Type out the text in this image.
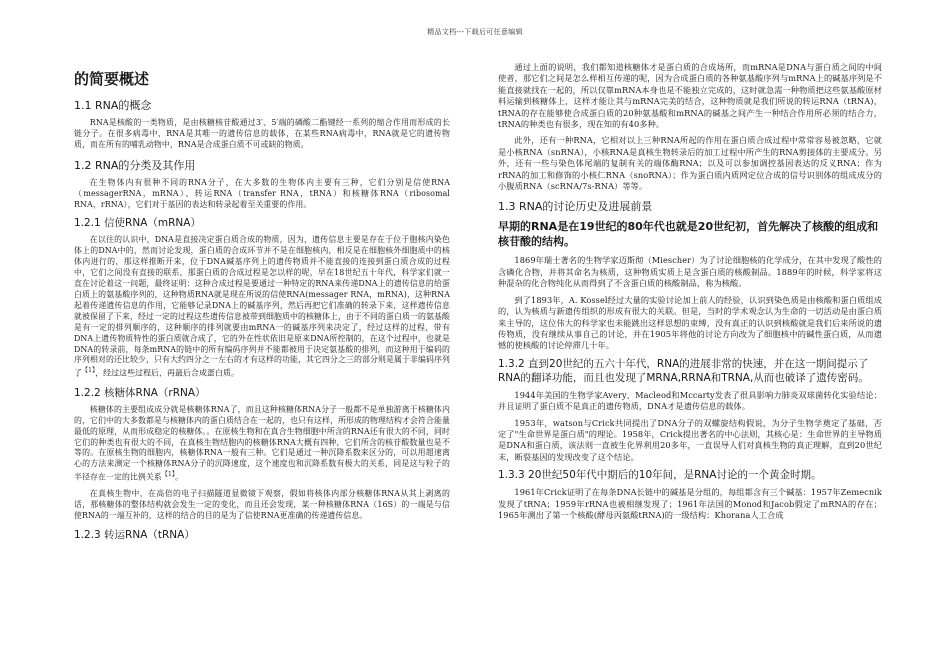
精品文档---下载后可任意编辑
的简要概述
1.1 RNA的概念

RNA是核酸的一类物质，是由核糖核苷酸通过3′、5′端的磷酸二酯键经一系列的缩合作用而形成的长链分子。在很多病毒中，RNA是其唯一的遗传信息的载体，在某些RNA病毒中，RNA就是它的遗传物质，而在所有的哺乳动物中，RNA是合成蛋白质不可或缺的物质。

1.2 RNA的分类及其作用

在生物体内有很种不同的RNA分子，在大多数的生物体内主要有三种，它们分别是信使RNA（messagerRNA，mRNA）、转运RNA（transfer RNA，tRNA）和核糖体RNA（ribosomal RNA，rRNA），它们对于基因的表达和转录起着至关重要的作用。

1.2.1 信使RNA（mRNA）

在以往的认识中，DNA是直接决定蛋白质合成的物质，因为，遗传信息主要是存在于位于胞核内染色体上的DNA中的，然而讨论发现，蛋白质的合成环节并不是在细胞核内，相反是在细胞核外细胞质中的核体内进行的，那这样推断开来，位于DNA碱基序列上的遗传物质并不能直接的连接到蛋白质合成的过程中，它们之间没有直接的联系，那蛋白质的合成过程是怎以样的呢，早在18世纪五十年代，科学家们就一直在讨论着这一问题，最终证明：这种合成过程是要通过一种特定的RNA来传递DNA上的遗传信息的给蛋白质上的氨基酸序列的，这种物质RNA就是现在所说的信使RNA(messager RNA，mRNA)，这种RNA起着传递遗传信息的作用，它能够记录DNA上的碱基序列，然后再把它们准确的转录下来，这样遗传信息就被保留了下来，经过一定的过程这些遗传信息被带到细胞质中的核糖体上，由于不同的蛋白质一的氨基酸是有一定的排列顺序的，这种顺序的排列就要由mRNA一的碱基序列来决定了，经过这样的过程，带有DNA上遗传物质特性的蛋白质就合成了，它的外在性状依旧是原来DNA所控制的，在这个过程中，也就是DNA的转录前，每条mRNA的链中的所有编码序列并不能都被用于决定氨基酸的排列，而这种用于编码的序列相对的还比较少，只有大约四分之一左右的才有这样的功能，其它四分之三的部分则是属于非编码序列了$^{【1】}$，经过这些过程后，再最后合成蛋白质。

1.2.2 核糖体RNA（rRNA）

核糖体的主要组成成分就是核糖体RNA了，而且这种核糖体RNA分子一般都不是单独游离于核糖体内的，它们中的大多数都是与核糖体内的蛋白质结合在一起的，也只有这样，所形成的物理结构才会符合能量最低的原理，从而形成稳定的核糖体。。在原核生物和在真合生物细胞中所含的RNA还有很大的不同，同时它们的种类也有很大的不同，在真核生物结胞内的核糖体RNA大概有四种，它们所含的核苷酸数量也是不等的。在原核生物的细胞内，核糖体RNA一般有三种。它们是通过一种沉降系数来区分的，可以用超速离心的方法来测定一个核糖体RNA分子的沉降速度，这个速度也和沉降系数有极大的关系，同是这与粒子的半径存在一定的比例关系$^{【1】}$。

在真核生物中，在高倍的电子扫描隧道显微镜下观察，假如将核体内部分核糖体RNA从其上剥离的话，那核糖体的整体结构就会发生一定的变化，而且还会发现，某一种核糖体RNA（16S）的一端是与信使RNA的一端互补的，这样的结合的目的是为了信使RNA更准确的传递遗传信息。

1.2.3 转运RNA（tRNA）

通过上面的说明，我们都知道核糖体才是蛋白质的合成场所，而mRNA是DNA与蛋白质之间的中间使者，那它们之间是怎么样相互传递的呢，因为合成蛋白质的各种氨基酸序列与mRNA上的碱基序列是不能直接就找在一起的，所以仅靠mRNA本身也是不能独立完成的，这时就急需一种物质把这些氨基酸原材料运输到核糖体上，这样才能让其与mRNA完美的结合，这种物质就是我们所说的转运RNA（tRNA)，tRNA的存在能够使合成蛋白质的20种氨基酸和mRNA的碱基之间产生一种结合作用所必须的结合力，tRNA的种类也有很多，现在知的有40多种。

此外，还有一种RNA，它相对以上三种RNA所起的作用在蛋白质合成过程中常常容易被忽略，它就是小核RNA（snRNA），小核RNA是真核生物转录后的加工过程中所产生的RNA剪接体的主要成分。另外，还有一些与染色体尾端的复制有关的端体酶RNA；以及可以参加调控基因表达的反义RNA；作为rRNA的加工和修饰的小核仁RNA（snoRNA）；作为蛋白质内质网定位合成的信号识别体的组成成分的小腹质RNA（scRNA/7s-RNA）等等。

1.3 RNA的讨论历史及进展前景
早期的RNA是在19世纪的80年代也就是20世纪初，首先解决了核酸的组成和核苷酸的结构。

1869年瑞士著名的生物学家迈斯彻（Miescher）为了讨论细胞核的化学成分，在其中发现了酸性的含磷化合物，并将其命名为核质，这种物质实质上是含蛋白质的核酸制品。1889年的时候，科学家将这种混杂的化合物纯化从而得到了不含蛋白质的核酸制品，称为核酸。

到了1893年，A. Kossel经过大量的实验讨论加上前人的经验，认识到染色质是由核酸和蛋白质组成的，认为核质与新遗传组织的形成有很大的关联。但是，当时的学术观念认为生命的一切活动是由蛋白质来主导的，这位伟大的科学家也未能跳出这样思想的束缚，没有真正的认识到核酸就是我们后来所说的遗传物质，没有继续从事自己的讨论，并在1905年将他的讨论方向改为了细胞核中的碱性蛋白质，从而遗憾的使核酸的讨论停滞几十年。

1.3.2 直到20世纪的五六十年代，RNA的进展非常的快速，并在这一期间提示了RNA的翻译功能，而且也发现了MRNA,RRNA和TRNA,从而也破译了遗传密码。

1944年美国的生物学家Avery、Macleod和Mccarty发表了很具影响力肺炎双球菌转化实验结论：并且证明了蛋白质不是真正的遗传物质，DNA才是遗传信息的载体。

1953年，watson与Crick共同提出了DNA分子的双螺旋结构假说，为分子生物学奠定了基础，否定了"生命世界是蛋白质"的理论。1958年，Crick提出著名的中心法则，其核心是：生命世界的主导物质是DNA和蛋白质，该法则一直被生化界利用20多年，一直误导人们对真核生物的真正理解，直到20世纪末，断裂基因的发现改变了这个结论。

1.3.3 20世纪50年代中期后的10年间，是RNA讨论的一个黄金时期。

1961年Crick证明了在每条DNA长链中的碱基是分组的，每组都含有三个碱基：1957年Zemecnik发现了tRNA；1959年rRNA也被相继发现了；1961年法国的Monod和Jacob假定了mRNA的存在；1965年测出了第一个核酸(酵母丙氨酸tRNA)的一级结构：Khorana人工合成
